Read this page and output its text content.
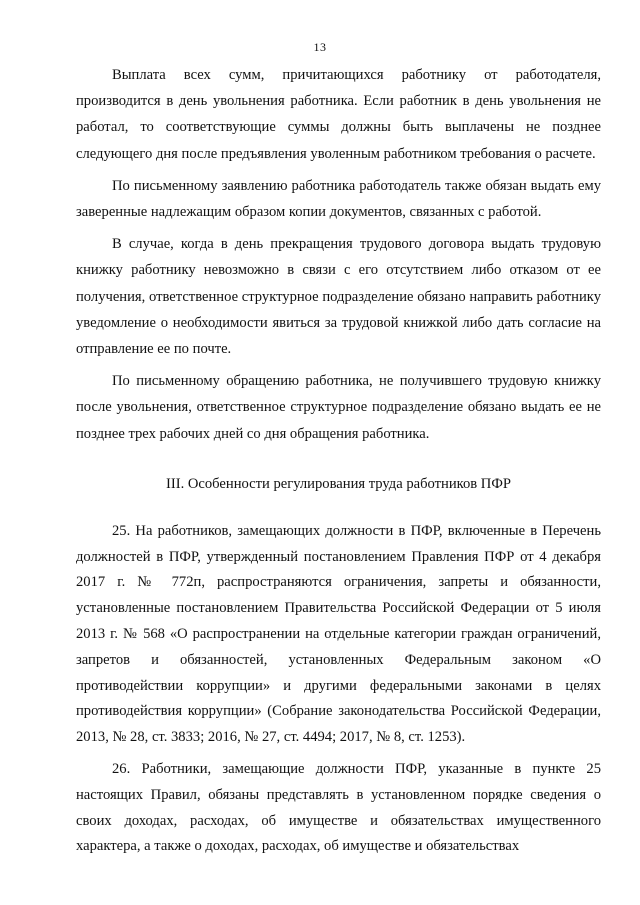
13

Выплата всех сумм, причитающихся работнику от работодателя, производится в день увольнения работника. Если работник в день увольнения не работал, то соответствующие суммы должны быть выплачены не позднее следующего дня после предъявления уволенным работником требования о расчете.

По письменному заявлению работника работодатель также обязан выдать ему заверенные надлежащим образом копии документов, связанных с работой.

В случае, когда в день прекращения трудового договора выдать трудовую книжку работнику невозможно в связи с его отсутствием либо отказом от ее получения, ответственное структурное подразделение обязано направить работнику уведомление о необходимости явиться за трудовой книжкой либо дать согласие на отправление ее по почте.

По письменному обращению работника, не получившего трудовую книжку после увольнения, ответственное структурное подразделение обязано выдать ее не позднее трех рабочих дней со дня обращения работника.

III. Особенности регулирования труда работников ПФР

25. На работников, замещающих должности в ПФР, включенные в Перечень должностей в ПФР, утвержденный постановлением Правления ПФР от 4 декабря 2017 г. № 772п, распространяются ограничения, запреты и обязанности, установленные постановлением Правительства Российской Федерации от 5 июля 2013 г. № 568 «О распространении на отдельные категории граждан ограничений, запретов и обязанностей, установленных Федеральным законом «О противодействии коррупции» и другими федеральными законами в целях противодействия коррупции» (Собрание законодательства Российской Федерации, 2013, № 28, ст. 3833; 2016, № 27, ст. 4494; 2017, № 8, ст. 1253).

26. Работники, замещающие должности ПФР, указанные в пункте 25 настоящих Правил, обязаны представлять в установленном порядке сведения о своих доходах, расходах, об имуществе и обязательствах имущественного характера, а также о доходах, расходах, об имуществе и обязательствах
